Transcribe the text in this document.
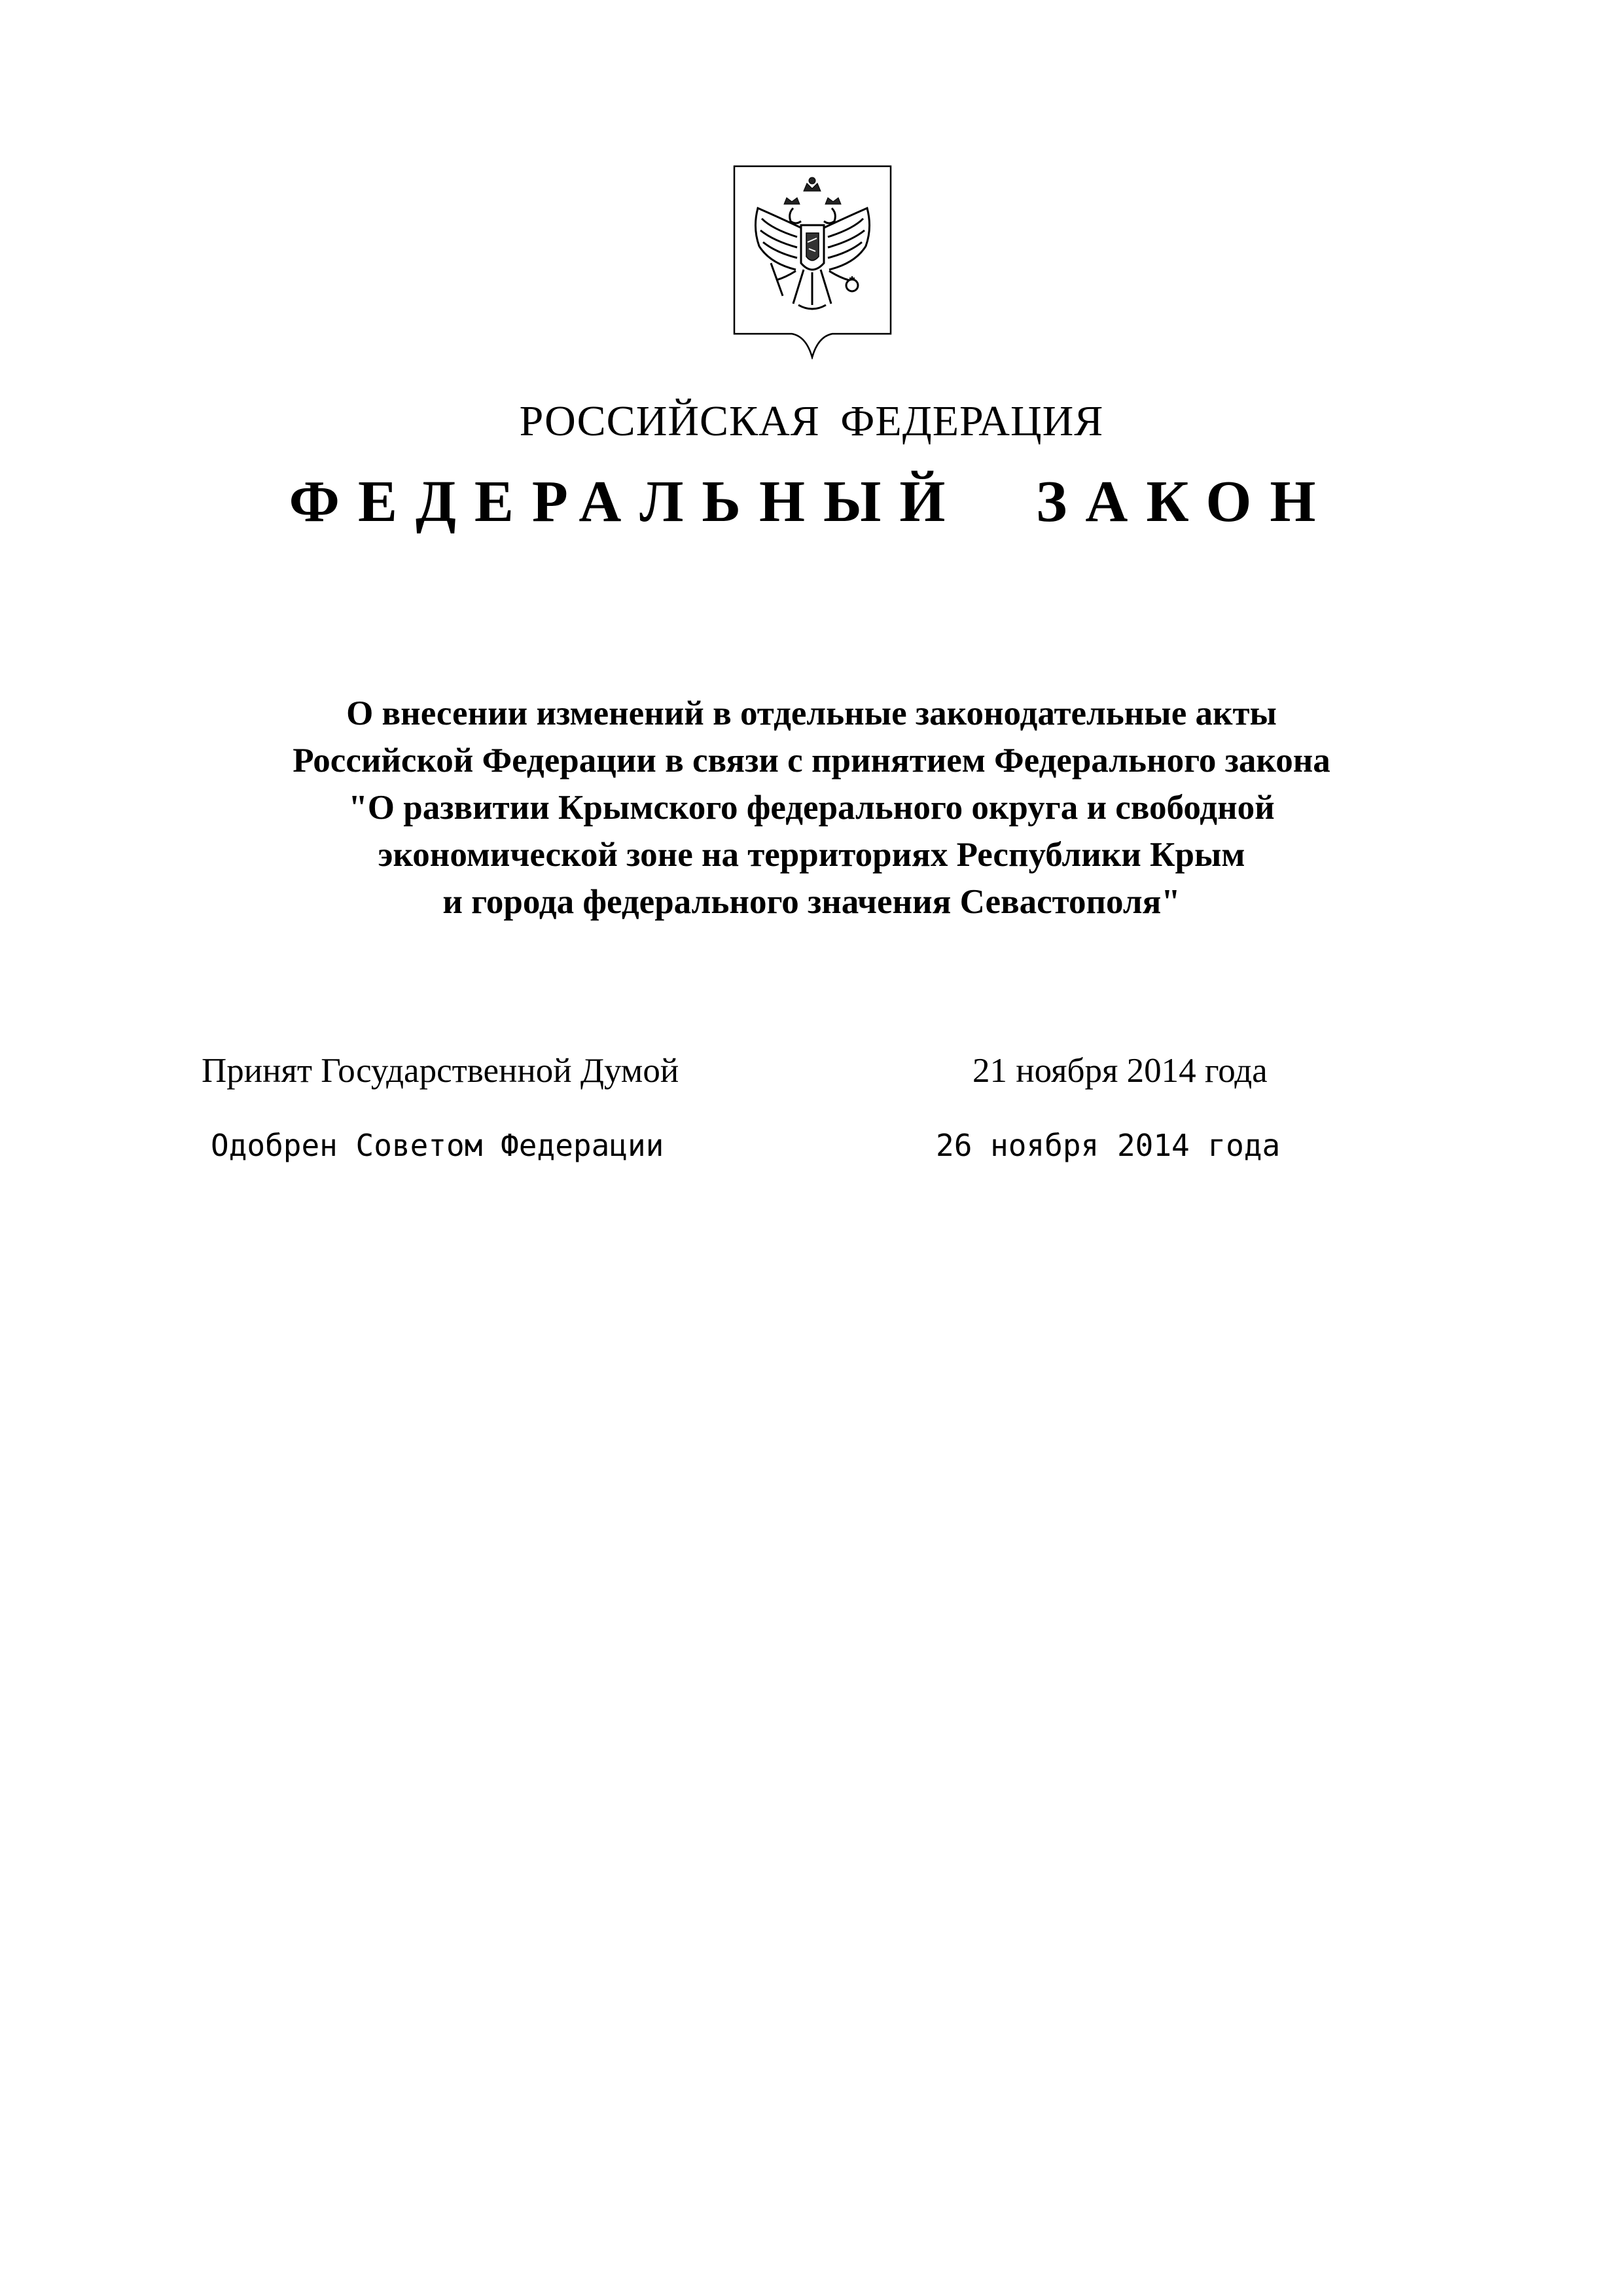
РОССИЙСКАЯ ФЕДЕРАЦИЯ
ФЕДЕРАЛЬНЫЙ ЗАКОН
О внесении изменений в отдельные законодательные акты
Российской Федерации в связи с принятием Федерального закона
"О развитии Крымского федерального округа и свободной
экономической зоне на территориях Республики Крым
и города федерального значения Севастополя"
Принят Государственной Думой	21 ноября 2014 года
Одобрен Советом Федерации	26 ноября 2014 года
